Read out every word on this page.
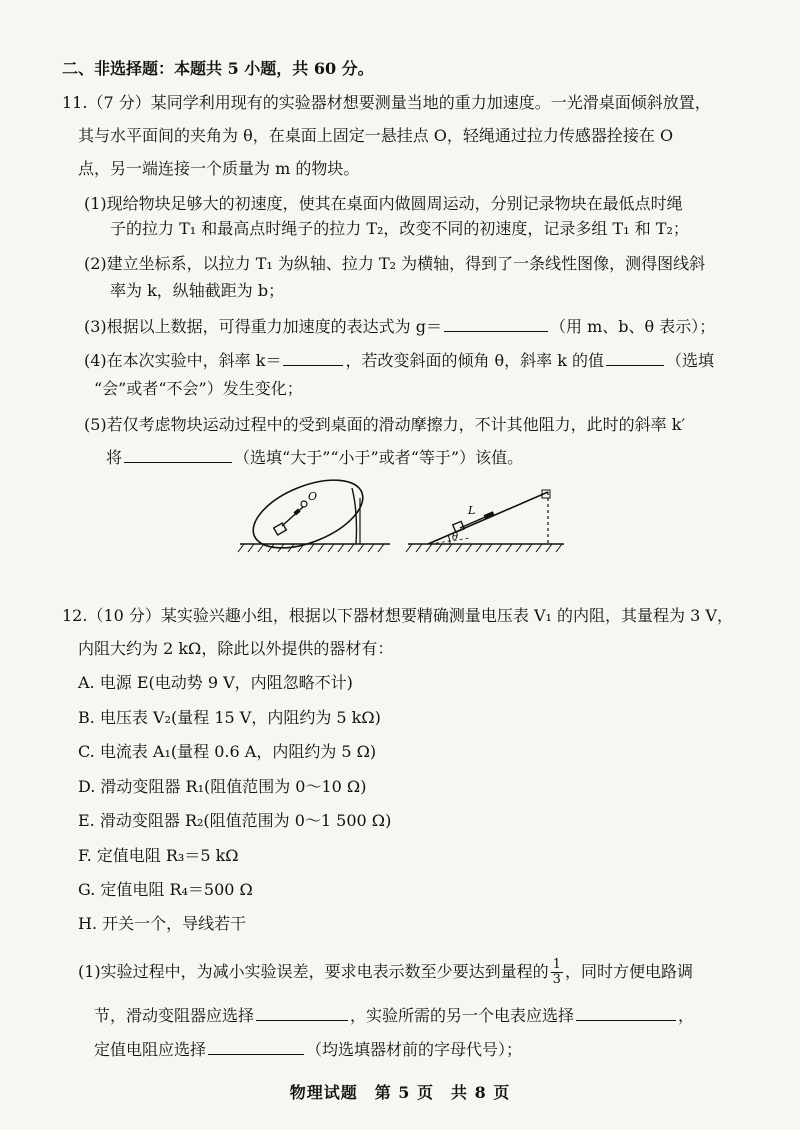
二、非选择题：本题共 5 小题，共 60 分。
11.（7 分）某同学利用现有的实验器材想要测量当地的重力加速度。一光滑桌面倾斜放置，
其与水平面间的夹角为 θ，在桌面上固定一悬挂点 O，轻绳通过拉力传感器拴接在 O
点，另一端连接一个质量为 m 的物块。
(1)现给物块足够大的初速度，使其在桌面内做圆周运动，分别记录物块在最低点时绳
子的拉力 T₁ 和最高点时绳子的拉力 T₂，改变不同的初速度，记录多组 T₁ 和 T₂；
(2)建立坐标系，以拉力 T₁ 为纵轴、拉力 T₂ 为横轴，得到了一条线性图像，测得图线斜
率为 k，纵轴截距为 b；
(3)根据以上数据，可得重力加速度的表达式为 g＝	（用 m、b、θ 表示）；
(4)在本次实验中，斜率 k＝	，若改变斜面的倾角 θ，斜率 k 的值	（选填
“会”或者“不会”）发生变化；
(5)若仅考虑物块运动过程中的受到桌面的滑动摩擦力，不计其他阻力，此时的斜率 k′
将	（选填“大于”“小于”或者“等于”）该值。
O
L
θ
12.（10 分）某实验兴趣小组，根据以下器材想要精确测量电压表 V₁ 的内阻，其量程为 3 V，
内阻大约为 2 kΩ，除此以外提供的器材有：
A. 电源 E(电动势 9 V，内阻忽略不计)
B. 电压表 V₂(量程 15 V，内阻约为 5 kΩ)
C. 电流表 A₁(量程 0.6 A，内阻约为 5 Ω)
D. 滑动变阻器 R₁(阻值范围为 0～10 Ω)
E. 滑动变阻器 R₂(阻值范围为 0～1 500 Ω)
F. 定值电阻 R₃＝5 kΩ
G. 定值电阻 R₄＝500 Ω
H. 开关一个，导线若干
(1)实验过程中，为减小实验误差，要求电表示数至少要达到量程的 $\frac{1}{3}$ ，同时方便电路调
节，滑动变阻器应选择	，实验所需的另一个电表应选择	，
定值电阻应选择	（均选填器材前的字母代号）；
物理试题　第 5 页　共 8 页
